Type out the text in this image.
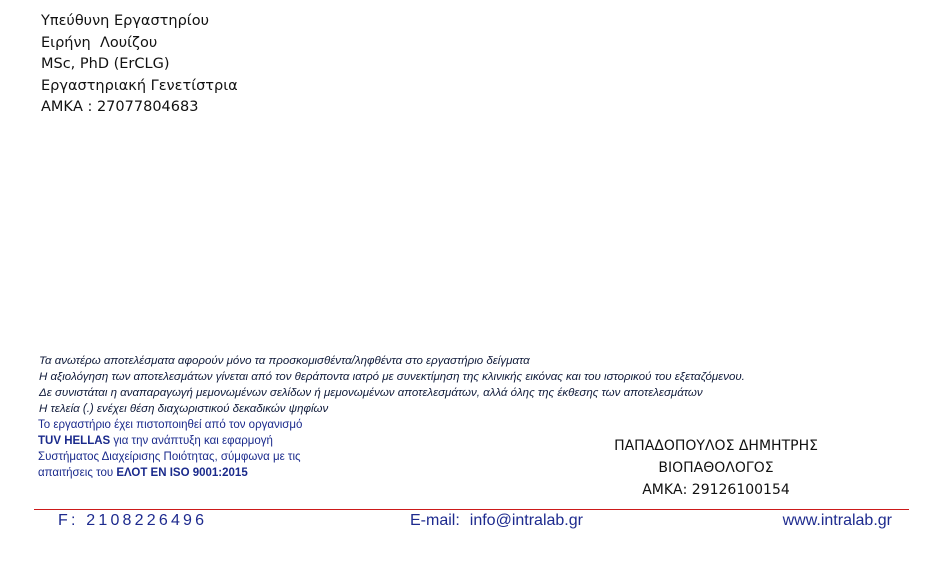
Υπεύθυνη Εργαστηρίου
Ειρήνη  Λουίζου
MSc, PhD (ErCLG)
Εργαστηριακή Γενετίστρια
ΑΜΚΑ : 27077804683
Τα ανωτέρω αποτελέσματα αφορούν μόνο τα προσκομισθέντα/ληφθέντα στο εργαστήριο δείγματα
Η αξιολόγηση των αποτελεσμάτων γίνεται από τον θεράποντα ιατρό με συνεκτίμηση της κλινικής εικόνας και του ιστορικού του εξεταζόμενου.
Δε συνιστάται η αναπαραγωγή μεμονωμένων σελίδων ή μεμονωμένων αποτελεσμάτων, αλλά όλης της έκθεσης των αποτελεσμάτων
Η τελεία (.) ενέχει θέση διαχωριστικού δεκαδικών ψηφίων
Το εργαστήριο έχει πιστοποιηθεί από τον οργανισμό
TUV HELLAS για την ανάπτυξη και εφαρμογή
Συστήματος Διαχείρισης Ποιότητας, σύμφωνα με τις
απαιτήσεις του ΕΛΟΤ ΕΝ ISO 9001:2015
ΠΑΠΑΔΟΠΟΥΛΟΣ ΔΗΜΗΤΡΗΣ
ΒΙΟΠΑΘΟΛΟΓΟΣ
ΑΜΚΑ: 29126100154
F: 2108226496	E-mail: info@intralab.gr	www.intralab.gr
